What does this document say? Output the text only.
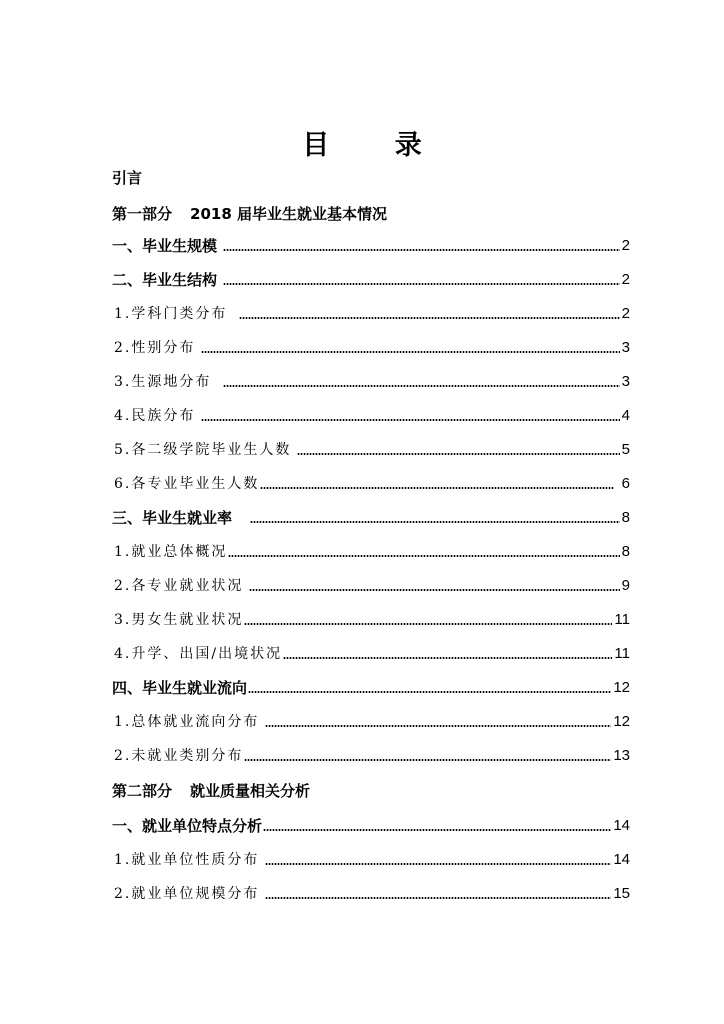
目 录
引言
第一部分 2018 届毕业生就业基本情况
一、毕业生规模	2
二、毕业生结构	2
1.学科门类分布	2
2.性别分布	3
3.生源地分布	3
4.民族分布	4
5.各二级学院毕业生人数	5
6.各专业毕业生人数	6
三、毕业生就业率	8
1.就业总体概况	8
2.各专业就业状况	9
3.男女生就业状况	11
4.升学、出国/出境状况	11
四、毕业生就业流向	12
1.总体就业流向分布	12
2.未就业类别分布	13
第二部分 就业质量相关分析
一、就业单位特点分析	14
1.就业单位性质分布	14
2.就业单位规模分布	15
